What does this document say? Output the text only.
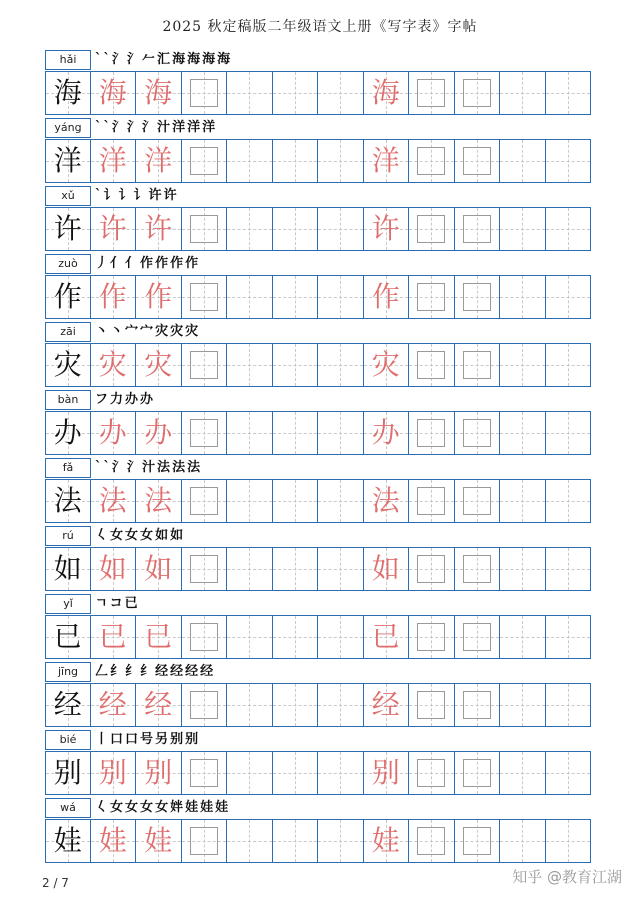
2025 秋定稿版二年级语文上册《写字表》字帖
hǎi	` ˋ 氵 氵 𠂉 汇 海 海 海 海
海 海 海	海
yáng	` ˋ 氵 氵 氵 汁 洋 洋 洋
洋 洋 洋	洋
xǔ	` 讠 讠 讠 许 许
许 许 许	许
zuò	丿 亻 亻 作 作 作 作
作 作 作	作
zāi	丶 丶 宀 宀 灾 灾 灾
灾 灾 灾	灾
bàn	フ 力 办 办
办 办 办	办
fǎ	` ˋ 氵 氵 汁 法 法 法
法 法 法	法
rú	𡿨 女 女 女 如 如
如 如 如	如
yǐ	ㄱ コ 已
已 已 已	已
jīng	𠃋 纟 纟 纟 经 经 经 经
经 经 经	经
bié	丨 口 口 号 另 别 别
别 别 别	别
wá	𡿨 女 女 女 女 姅 娃 娃 娃
娃 娃 娃	娃
2 / 7	知乎 @教育江湖
